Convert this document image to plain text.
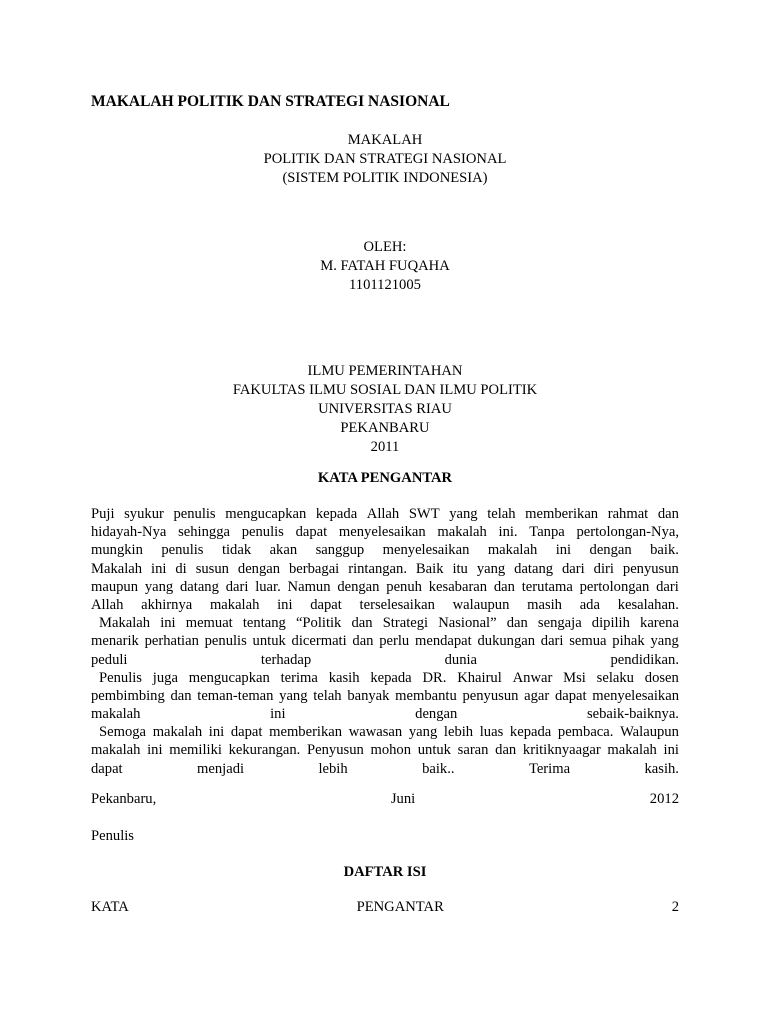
MAKALAH POLITIK DAN STRATEGI NASIONAL
MAKALAH
POLITIK DAN STRATEGI NASIONAL
(SISTEM POLITIK INDONESIA)
OLEH:
M. FATAH FUQAHA
1101121005
ILMU PEMERINTAHAN
FAKULTAS ILMU SOSIAL DAN ILMU POLITIK
UNIVERSITAS RIAU
PEKANBARU
2011
KATA PENGANTAR
Puji syukur penulis mengucapkan kepada Allah SWT yang telah memberikan rahmat dan
hidayah-Nya sehingga penulis dapat menyelesaikan makalah ini. Tanpa pertolongan-Nya,
mungkin penulis tidak akan sanggup menyelesaikan makalah ini dengan baik.
Makalah ini di susun dengan berbagai rintangan. Baik itu yang datang dari diri penyusun
maupun yang datang dari luar. Namun dengan penuh kesabaran dan terutama pertolongan dari
Allah akhirnya makalah ini dapat terselesaikan walaupun masih ada kesalahan.
Makalah ini memuat tentang “Politik dan Strategi Nasional” dan sengaja dipilih karena
menarik perhatian penulis untuk dicermati dan perlu mendapat dukungan dari semua pihak yang
peduli	terhadap	dunia	pendidikan.
Penulis juga mengucapkan terima kasih kepada DR. Khairul Anwar Msi selaku dosen
pembimbing dan teman-teman yang telah banyak membantu penyusun agar dapat menyelesaikan
makalah	ini	dengan	sebaik-baiknya.
Semoga makalah ini dapat memberikan wawasan yang lebih luas kepada pembaca. Walaupun
makalah ini memiliki kekurangan. Penyusun mohon untuk saran dan kritiknyaagar makalah ini
dapat	menjadi	lebih	baik..	Terima	kasih.
Pekanbaru,	Juni	2012
Penulis
DAFTAR ISI
KATA	PENGANTAR	2
